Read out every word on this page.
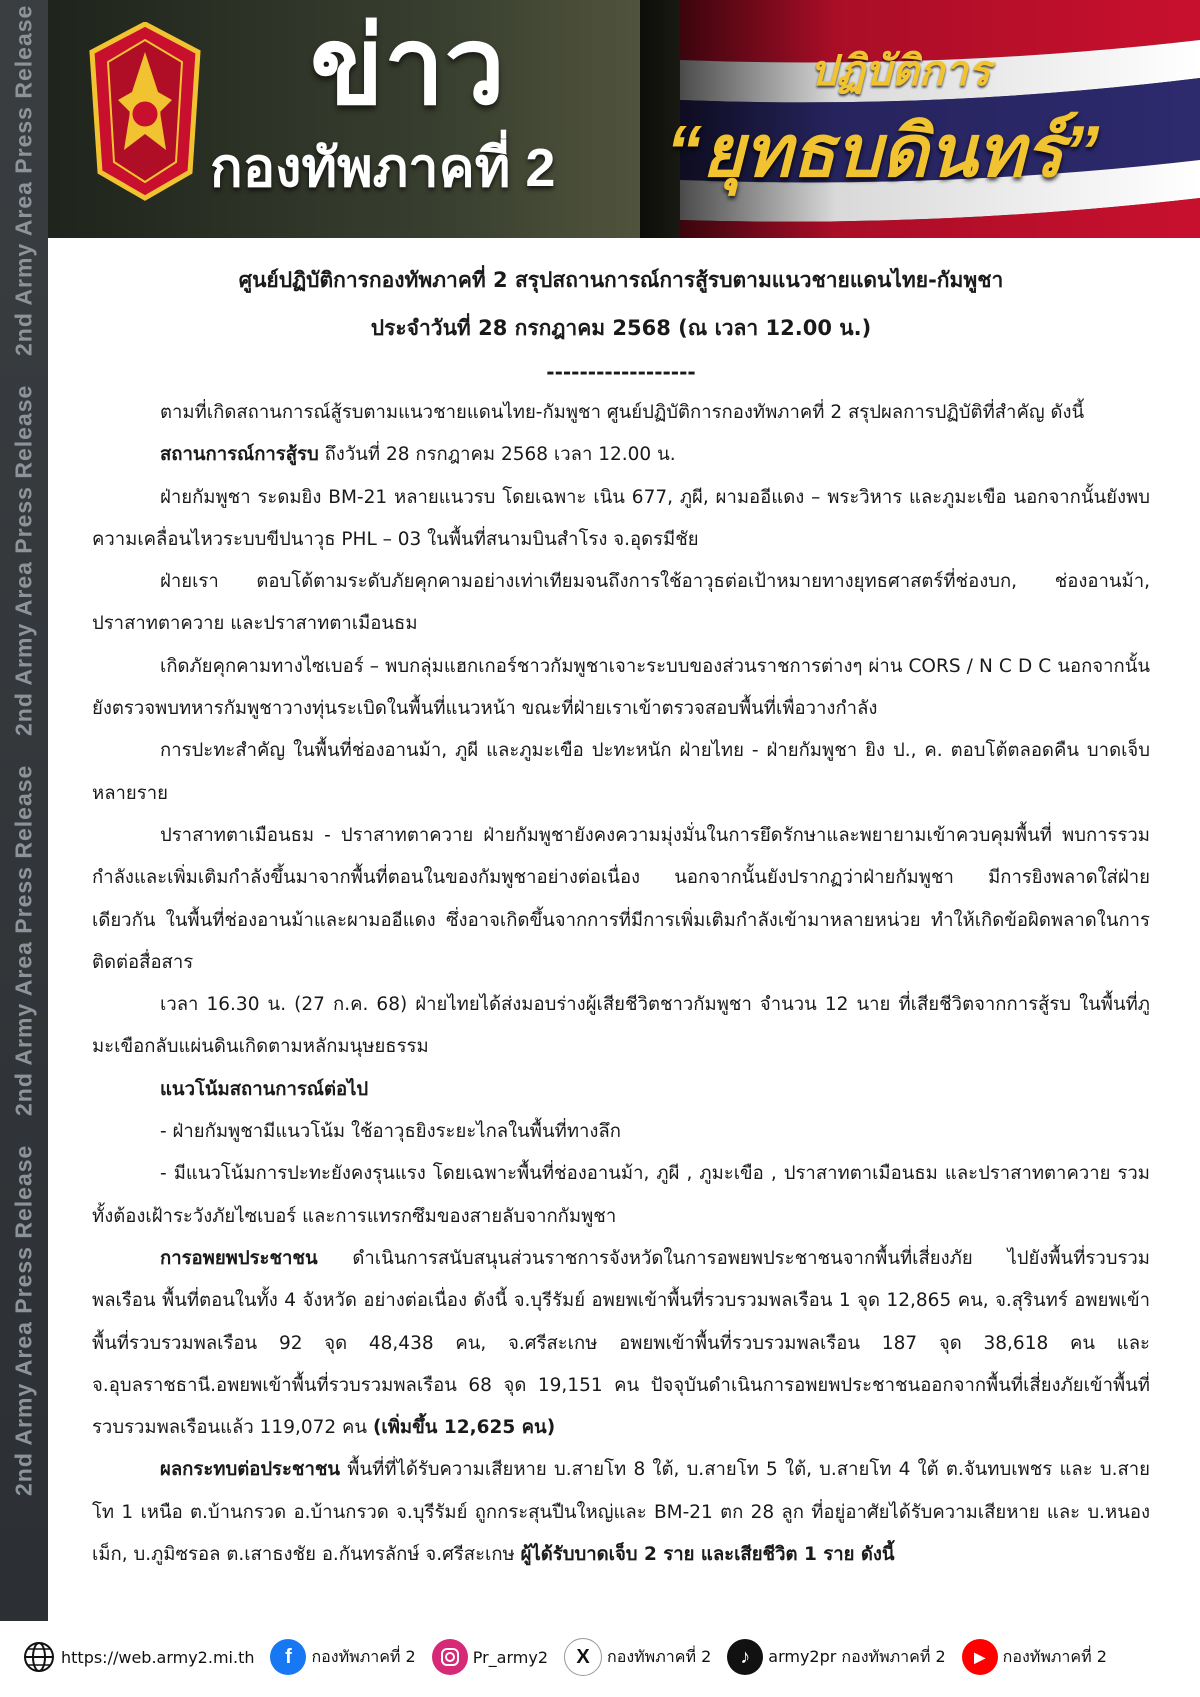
2nd Army Area Press Release
2nd Army Area Press Release
2nd Army Area Press Release
2nd Army Area Press Release
ข่าว
กองทัพภาคที่ 2
ปฏิบัติการ
“ยุทธบดินทร์”
ศูนย์ปฏิบัติการกองทัพภาคที่ 2 สรุปสถานการณ์การสู้รบตามแนวชายแดนไทย-กัมพูชา
ประจำวันที่ 28 กรกฎาคม 2568 (ณ เวลา 12.00 น.)
------------------

ตามที่เกิดสถานการณ์สู้รบตามแนวชายแดนไทย-กัมพูชา ศูนย์ปฏิบัติการกองทัพภาคที่ 2 สรุปผลการปฏิบัติที่สำคัญ ดังนี้

สถานการณ์การสู้รบ ถึงวันที่ 28 กรกฎาคม 2568 เวลา 12.00 น.

ฝ่ายกัมพูชา ระดมยิง BM-21 หลายแนวรบ โดยเฉพาะ เนิน 677, ภูผี, ผามออีแดง – พระวิหาร และภูมะเขือ นอกจากนั้นยังพบ ความเคลื่อนไหวระบบขีปนาวุธ PHL – 03 ในพื้นที่สนามบินสำโรง จ.อุดรมีชัย

ฝ่ายเรา ตอบโต้ตามระดับภัยคุกคามอย่างเท่าเทียมจนถึงการใช้อาวุธต่อเป้าหมายทางยุทธศาสตร์ที่ช่องบก, ช่องอานม้า, ปราสาทตาควาย และปราสาทตาเมือนธม

เกิดภัยคุกคามทางไซเบอร์ – พบกลุ่มแฮกเกอร์ชาวกัมพูชาเจาะระบบของส่วนราชการต่างๆ ผ่าน CORS / N C D C นอกจากนั้นยังตรวจพบทหารกัมพูชาวางทุ่นระเบิดในพื้นที่แนวหน้า ขณะที่ฝ่ายเราเข้าตรวจสอบพื้นที่เพื่อวางกำลัง

การปะทะสำคัญ ในพื้นที่ช่องอานม้า, ภูผี และภูมะเขือ ปะทะหนัก ฝ่ายไทย - ฝ่ายกัมพูชา ยิง ป., ค. ตอบโต้ตลอดคืน บาดเจ็บหลายราย

ปราสาทตาเมือนธม - ปราสาทตาควาย ฝ่ายกัมพูชายังคงความมุ่งมั่นในการยึดรักษาและพยายามเข้าควบคุมพื้นที่ พบการรวมกำลังและเพิ่มเติมกำลังขึ้นมาจากพื้นที่ตอนในของกัมพูชาอย่างต่อเนื่อง นอกจากนั้นยังปรากฏว่าฝ่ายกัมพูชา มีการยิงพลาดใส่ฝ่ายเดียวกัน ในพื้นที่ช่องอานม้าและผามออีแดง ซึ่งอาจเกิดขึ้นจากการที่มีการเพิ่มเติมกำลังเข้ามาหลายหน่วย ทำให้เกิดข้อผิดพลาดในการติดต่อสื่อสาร

เวลา 16.30 น. (27 ก.ค. 68) ฝ่ายไทยได้ส่งมอบร่างผู้เสียชีวิตชาวกัมพูชา จำนวน 12 นาย ที่เสียชีวิตจากการสู้รบ ในพื้นที่ภูมะเขือกลับแผ่นดินเกิดตามหลักมนุษยธรรม

แนวโน้มสถานการณ์ต่อไป

- ฝ่ายกัมพูชามีแนวโน้ม ใช้อาวุธยิงระยะไกลในพื้นที่ทางลึก

- มีแนวโน้มการปะทะยังคงรุนแรง โดยเฉพาะพื้นที่ช่องอานม้า, ภูผี , ภูมะเขือ , ปราสาทตาเมือนธม และปราสาทตาควาย รวมทั้งต้องเฝ้าระวังภัยไซเบอร์ และการแทรกซึมของสายลับจากกัมพูชา

การอพยพประชาชน ดำเนินการสนับสนุนส่วนราชการจังหวัดในการอพยพประชาชนจากพื้นที่เสี่ยงภัย ไปยังพื้นที่รวบรวมพลเรือน พื้นที่ตอนในทั้ง 4 จังหวัด อย่างต่อเนื่อง ดังนี้ จ.บุรีรัมย์ อพยพเข้าพื้นที่รวบรวมพลเรือน 1 จุด 12,865 คน, จ.สุรินทร์ อพยพเข้าพื้นที่รวบรวมพลเรือน 92 จุด 48,438 คน, จ.ศรีสะเกษ อพยพเข้าพื้นที่รวบรวมพลเรือน 187 จุด 38,618 คน และ จ.อุบลราชธานี.อพยพเข้าพื้นที่รวบรวมพลเรือน 68 จุด 19,151 คน ปัจจุบันดำเนินการอพยพประชาชนออกจากพื้นที่เสี่ยงภัยเข้าพื้นที่รวบรวมพลเรือนแล้ว 119,072 คน (เพิ่มขึ้น 12,625 คน)

ผลกระทบต่อประชาชน พื้นที่ที่ได้รับความเสียหาย บ.สายโท 8 ใต้, บ.สายโท 5 ใต้, บ.สายโท 4 ใต้ ต.จันทบเพชร และ บ.สายโท 1 เหนือ ต.บ้านกรวด อ.บ้านกรวด จ.บุรีรัมย์ ถูกกระสุนปืนใหญ่และ BM-21 ตก 28 ลูก ที่อยู่อาศัยได้รับความเสียหาย และ บ.หนองเม็ก, บ.ภูมิซรอล ต.เสาธงชัย อ.กันทรลักษ์ จ.ศรีสะเกษ ผู้ได้รับบาดเจ็บ 2 ราย และเสียชีวิต 1 ราย ดังนี้

https://web.army2.mi.th	f	กองทัพภาคที่ 2	Pr_army2	X	กองทัพภาคที่ 2	♪	army2pr กองทัพภาคที่ 2	▶	กองทัพภาคที่ 2
